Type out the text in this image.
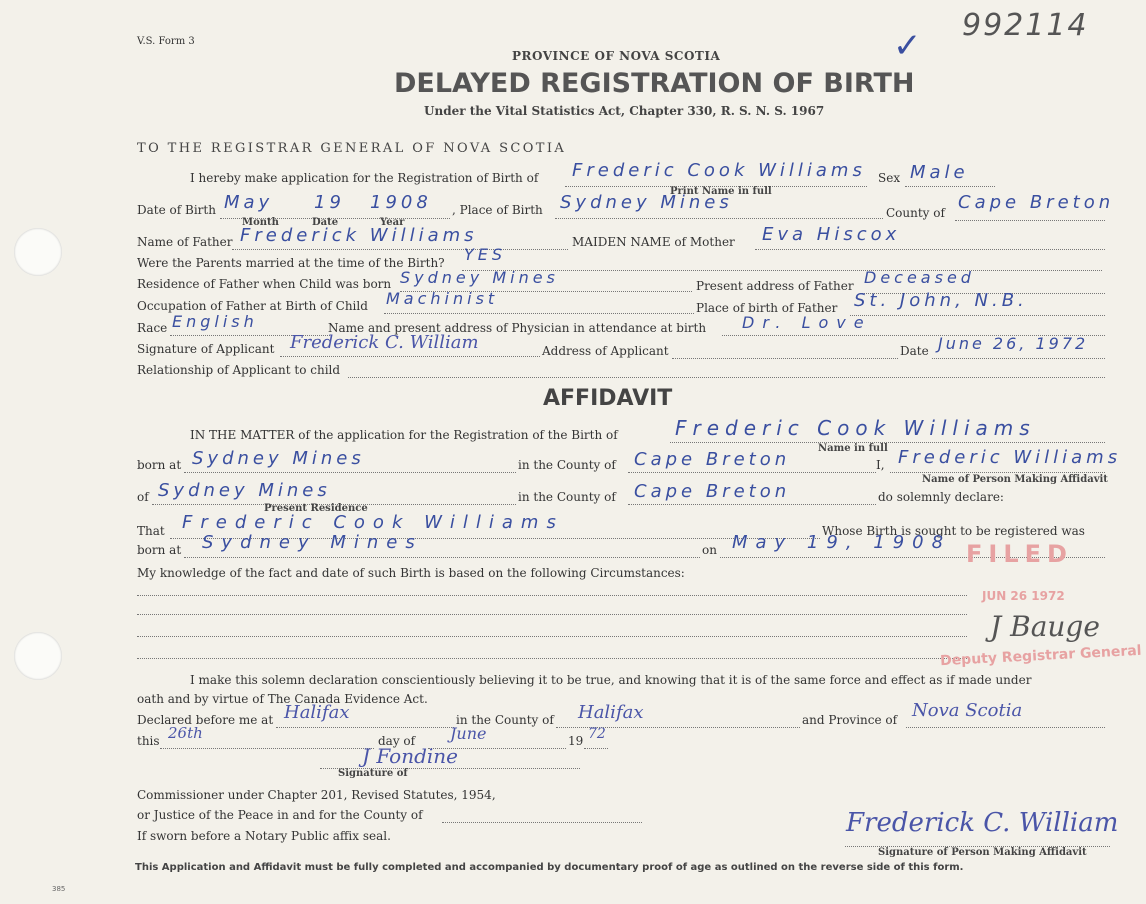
V.S. Form 3	992114
✓
PROVINCE OF NOVA SCOTIA
DELAYED REGISTRATION OF BIRTH
Under the Vital Statistics Act, Chapter 330, R. S. N. S. 1967
TO THE REGISTRAR GENERAL OF NOVA SCOTIA
I hereby make application for the Registration of Birth of Frederic Cook Williams Sex Male
Print Name in full
Date of Birth May 19 1908
Month	Date	Year
, Place of Birth Sydney Mines	County of Cape Breton
Name of Father Frederick Williams	MAIDEN NAME of Mother Eva Hiscox
Were the Parents married at the time of the Birth? YES
Residence of Father when Child was born Sydney Mines	Present address of Father Deceased
Occupation of Father at Birth of Child Machinist	Place of birth of Father St. John, N.B.
Race English	Name and present address of Physician in attendance at birth Dr. Love
Signature of Applicant Frederick C. William	Address of Applicant	Date June 26, 1972
Relationship of Applicant to child
AFFIDAVIT
IN THE MATTER of the application for the Registration of the Birth of	Frederic Cook Williams
Name in full
born at Sydney Mines	in the County of Cape Breton	I, Frederic Williams
Name of Person Making Affidavit
of Sydney Mines
Present Residence
in the County of Cape Breton	do solemnly declare:
That Frederic Cook Williams	Whose Birth is sought to be registered was
born at Sydney Mines	on May 19, 1908
My knowledge of the fact and date of such Birth is based on the following Circumstances:
I make this solemn declaration conscientiously believing it to be true, and knowing that it is of the same force and effect as if made under
oath and by virtue of The Canada Evidence Act.
Declared before me at Halifax	in the County of Halifax	and Province of Nova Scotia
this 26th	day of June	19 72
J Fondine
Signature of
Commissioner under Chapter 201, Revised Statutes, 1954,
or Justice of the Peace in and for the County of
If sworn before a Notary Public affix seal.	Frederick C. William
Signature of Person Making Affidavit
FILED
JUN 26 1972
J Bauge
Deputy Registrar General
This Application and Affidavit must be fully completed and accompanied by documentary proof of age as outlined on the reverse side of this form.
385
